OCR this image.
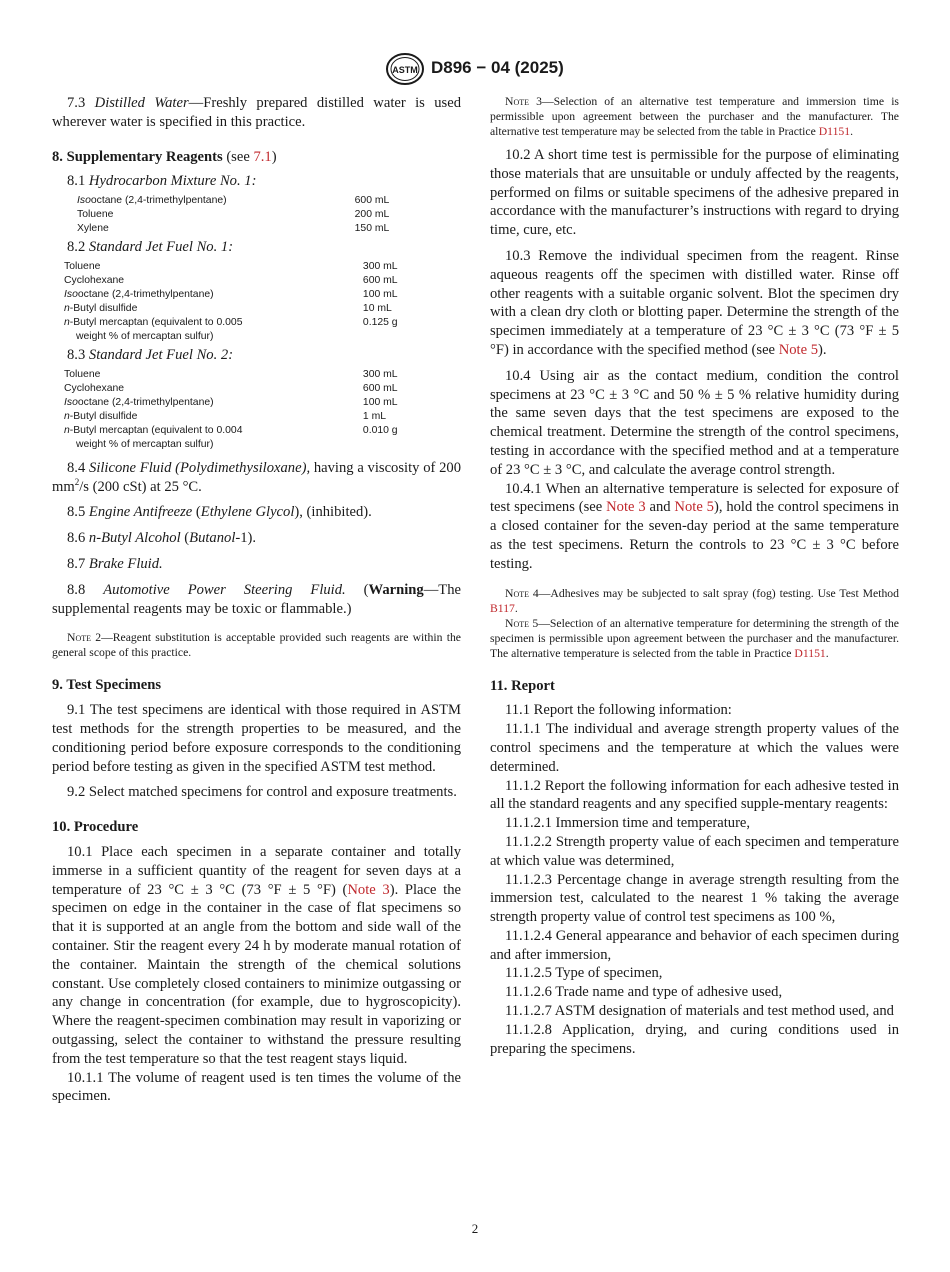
ASTM D896 − 04 (2025)

7.3 Distilled Water—Freshly prepared distilled water is used wherever water is specified in this practice.

8. Supplementary Reagents (see 7.1)

8.1 Hydrocarbon Mixture No. 1:

Isooctane (2,4-trimethylpentane)	600 mL
Toluene	200 mL
Xylene	150 mL

8.2 Standard Jet Fuel No. 1:

Toluene	300 mL
Cyclohexane	600 mL
Isooctane (2,4-trimethylpentane)	100 mL
n-Butyl disulfide	10 mL
n-Butyl mercaptan (equivalent to 0.005	0.125 g
weight % of mercaptan sulfur)	

8.3 Standard Jet Fuel No. 2:

Toluene	300 mL
Cyclohexane	600 mL
Isooctane (2,4-trimethylpentane)	100 mL
n-Butyl disulfide	1 mL
n-Butyl mercaptan (equivalent to 0.004	0.010 g
weight % of mercaptan sulfur)	

8.4 Silicone Fluid (Polydimethysiloxane), having a viscosity of 200 $mm^2/s$ (200 cSt) at 25 °C.

8.5 Engine Antifreeze (Ethylene Glycol), (inhibited).

8.6 n-Butyl Alcohol (Butanol-1).

8.7 Brake Fluid.

8.8 Automotive Power Steering Fluid. (Warning—The supplemental reagents may be toxic or flammable.)

Note 2—Reagent substitution is acceptable provided such reagents are within the general scope of this practice.

9. Test Specimens

9.1 The test specimens are identical with those required in ASTM test methods for the strength properties to be measured, and the conditioning period before exposure corresponds to the conditioning period before testing as given in the specified ASTM test method.

9.2 Select matched specimens for control and exposure treatments.

10. Procedure

10.1 Place each specimen in a separate container and totally immerse in a sufficient quantity of the reagent for seven days at a temperature of 23 °C ± 3 °C (73 °F ± 5 °F) (Note 3). Place the specimen on edge in the container in the case of flat specimens so that it is supported at an angle from the bottom and side wall of the container. Stir the reagent every 24 h by moderate manual rotation of the container. Maintain the strength of the chemical solutions constant. Use completely closed containers to minimize outgassing or any change in concentration (for example, due to hygroscopicity). Where the reagent-specimen combination may result in vaporizing or outgassing, select the container to withstand the pressure resulting from the test temperature so that the test reagent stays liquid.

10.1.1 The volume of reagent used is ten times the volume of the specimen.

Note 3—Selection of an alternative test temperature and immersion time is permissible upon agreement between the purchaser and the manufacturer. The alternative test temperature may be selected from the table in Practice D1151.

10.2 A short time test is permissible for the purpose of eliminating those materials that are unsuitable or unduly affected by the reagents, performed on films or suitable specimens of the adhesive prepared in accordance with the manufacturer’s instructions with regard to drying time, cure, etc.

10.3 Remove the individual specimen from the reagent. Rinse aqueous reagents off the specimen with distilled water. Rinse off other reagents with a suitable organic solvent. Blot the specimen dry with a clean dry cloth or blotting paper. Determine the strength of the specimen immediately at a temperature of 23 °C ± 3 °C (73 °F ± 5 °F) in accordance with the specified method (see Note 5).

10.4 Using air as the contact medium, condition the control specimens at 23 °C ± 3 °C and 50 % ± 5 % relative humidity during the same seven days that the test specimens are exposed to the chemical treatment. Determine the strength of the control specimens, testing in accordance with the specified method and at a temperature of 23 °C ± 3 °C, and calculate the average control strength.

10.4.1 When an alternative temperature is selected for exposure of test specimens (see Note 3 and Note 5), hold the control specimens in a closed container for the seven-day period at the same temperature as the test specimens. Return the controls to 23 °C ± 3 °C before testing.

Note 4—Adhesives may be subjected to salt spray (fog) testing. Use Test Method B117.

Note 5—Selection of an alternative temperature for determining the strength of the specimen is permissible upon agreement between the purchaser and the manufacturer. The alternative temperature is selected from the table in Practice D1151.

11. Report

11.1 Report the following information:

11.1.1 The individual and average strength property values of the control specimens and the temperature at which the values were determined.

11.1.2 Report the following information for each adhesive tested in all the standard reagents and any specified supple-mentary reagents:

11.1.2.1 Immersion time and temperature,

11.1.2.2 Strength property value of each specimen and temperature at which value was determined,

11.1.2.3 Percentage change in average strength resulting from the immersion test, calculated to the nearest 1 % taking the average strength property value of control test specimens as 100 %,

11.1.2.4 General appearance and behavior of each specimen during and after immersion,

11.1.2.5 Type of specimen,

11.1.2.6 Trade name and type of adhesive used,

11.1.2.7 ASTM designation of materials and test method used, and

11.1.2.8 Application, drying, and curing conditions used in preparing the specimens.

2
